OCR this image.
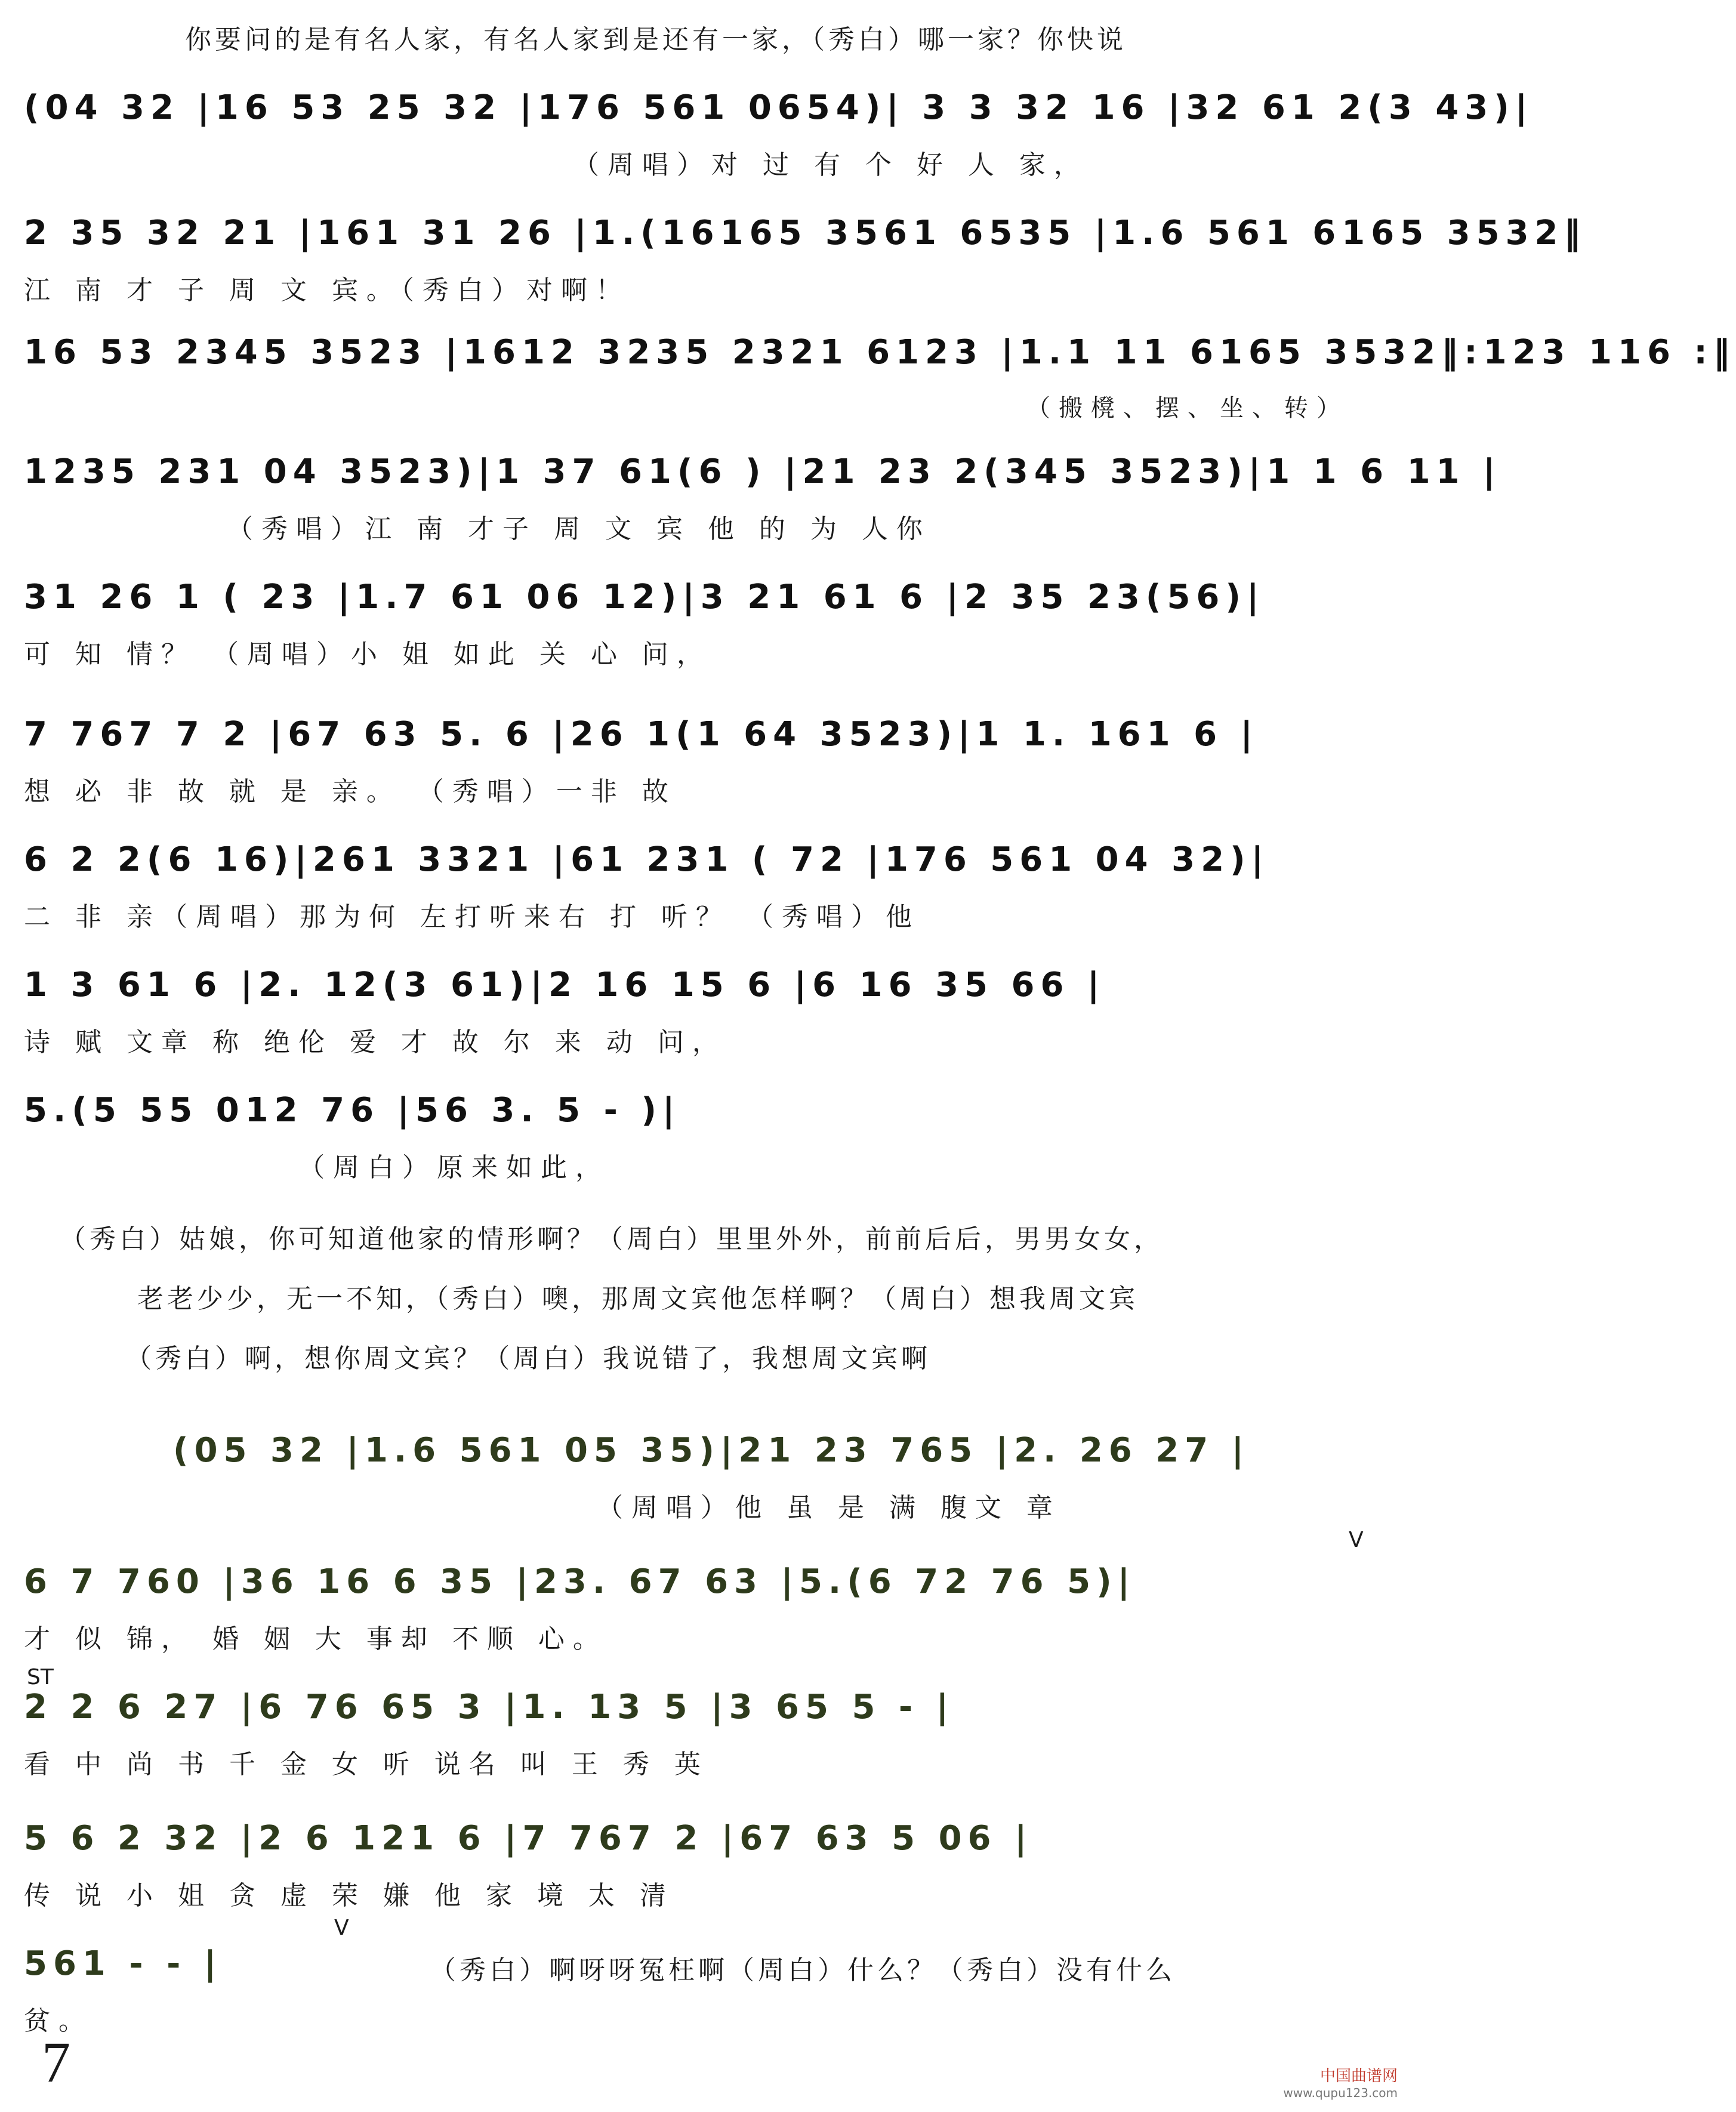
你要问的是有名人家，有名人家到是还有一家，（秀白）哪一家？你快说
(04 32 |16 53 25 32 |176 561 0654)| 3 3 32 16 |32 61 2(3 43)|
（周唱）对 过 有 个 好 人 家，
2 35 32 21 |161 31 26 |1.(16165 3561 6535 |1.6 561 6165 3532‖
江 南 才 子 周 文 宾。（秀白）对啊！
16 53 2345 3523 |1612 3235 2321 6123 |1.1 11 6165 3532‖:123 116 :‖
（搬櫈、摆、坐、转）
1235 231 04 3523)|1 37 61(6 ) |21 23 2(345 3523)|1 1 6 11 |
（秀唱）江 南 才子 周 文 宾 他 的 为 人你
31 26 1 ( 23 |1.7 61 06 12)|3 21 61 6 |2 35 23(56)|
可 知 情？ （周唱）小 姐 如此 关 心 问，
7 767 7 2 |67 63 5. 6 |26 1(1 64 3523)|1 1. 161 6 |
想 必 非 故 就 是 亲。 （秀唱）一非 故
6 2 2(6 16)|261 3321 |61 231 ( 72 |176 561 04 32)|
二 非 亲（周唱）那为何 左打听来右 打 听？ （秀唱）他
1 3 61 6 |2. 12(3 61)|2 16 15 6 |6 16 35 66 |
诗 赋 文章 称 绝伦 爱 才 故 尔 来 动 问，
5.(5 55 012 76 |56 3. 5 - )|
（周白）原来如此，
（秀白）姑娘，你可知道他家的情形啊？（周白）里里外外，前前后后，男男女女，
老老少少，无一不知，（秀白）噢，那周文宾他怎样啊？（周白）想我周文宾
（秀白）啊，想你周文宾？（周白）我说错了，我想周文宾啊
(05 32 |1.6 561 05 35)|21 23 765 |2. 26 27 |
（周唱）他 虽 是 满 腹文 章
6 7 760 |36 16 6 35 |23. 67 63 |5.(6 72 76 5)|
才 似 锦， 婚 姻 大 事却 不顺 心。
V
ST
2 2 6 27 |6 76 65 3 |1. 13 5 |3 65 5 - |
看 中 尚 书 千 金 女 听 说名 叫 王 秀 英
5 6 2 32 |2 6 121 6 |7 767 2 |67 63 5 06 |
传 说 小 姐 贪 虚 荣 嫌 他 家 境 太 清
561 - - |
贫。
V
（秀白）啊呀呀冤枉啊（周白）什么？（秀白）没有什么
7	中国曲谱网
www.qupu123.com
